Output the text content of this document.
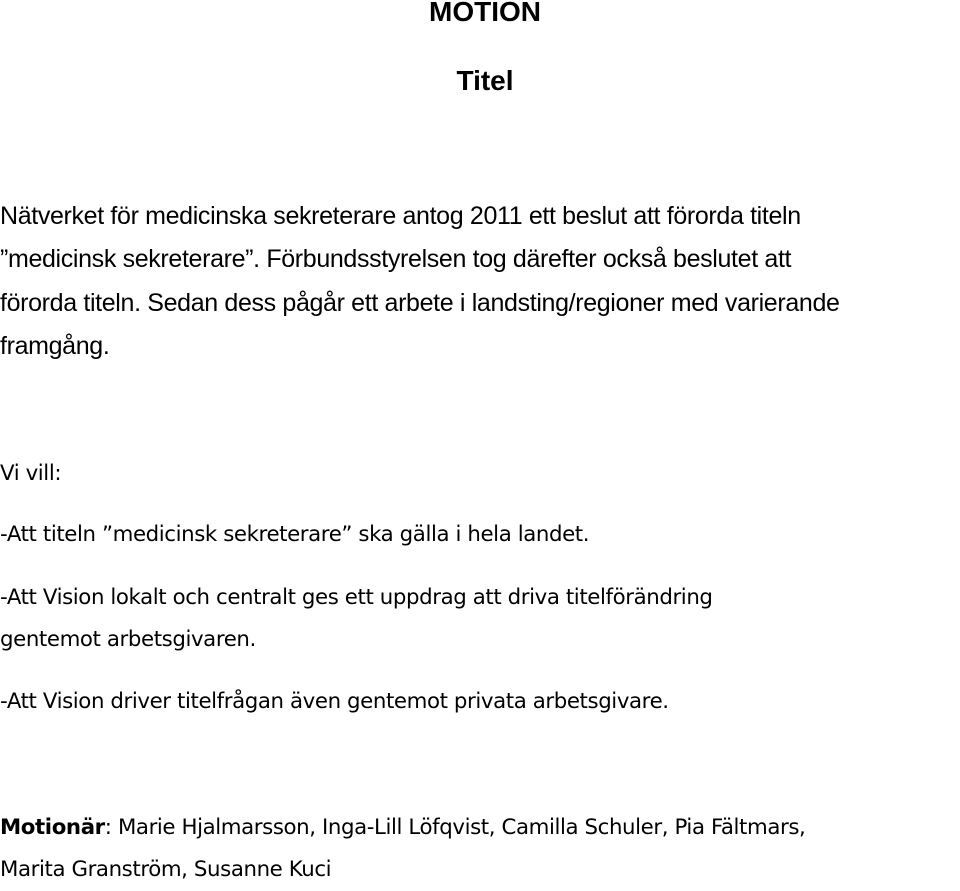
MOTION
Titel

Nätverket för medicinska sekreterare antog 2011 ett beslut att förorda titeln
”medicinsk sekreterare”. Förbundsstyrelsen tog därefter också beslutet att
förorda titeln. Sedan dess pågår ett arbete i landsting/regioner med varierande
framgång.

Vi vill:

-Att titeln ”medicinsk sekreterare” ska gälla i hela landet.

-Att Vision lokalt och centralt ges ett uppdrag att driva titelförändring
gentemot arbetsgivaren.

-Att Vision driver titelfrågan även gentemot privata arbetsgivare.

Motionär: Marie Hjalmarsson, Inga-Lill Löfqvist, Camilla Schuler, Pia Fältmars,
Marita Granström, Susanne Kuci
